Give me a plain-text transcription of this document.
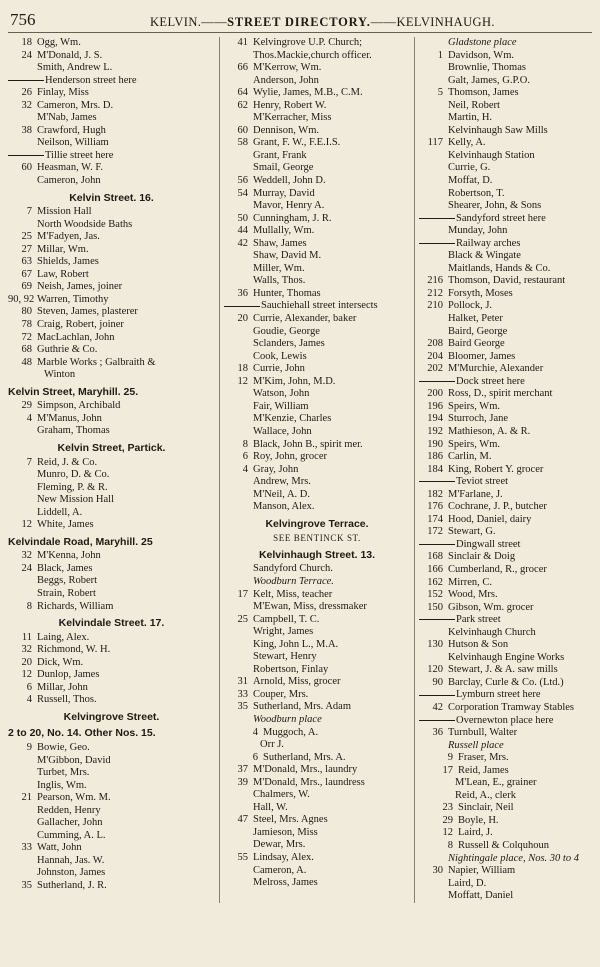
756	KELVIN.——STREET DIRECTORY.——KELVINHAUGH.
18 Ogg, Wm.
24 M'Donald, J. S.
Smith, Andrew L.
Henderson street here
26 Finlay, Miss
32 Cameron, Mrs. D.
M'Nab, James
38 Crawford, Hugh
Neilson, William
Tillie street here
60 Heasman, W. F.
Cameron, John
Kelvin Street. 16.
7 Mission Hall
North Woodside Baths
25 M'Fadyen, Jas.
27 Millar, Wm.
63 Shields, James
67 Law, Robert
69 Neish, James, joiner
90, 92 Warren, Timothy
80 Steven, James, plasterer
78 Craig, Robert, joiner
72 MacLachlan, John
68 Guthrie & Co.
48 Marble Works ; Galbraith &
Winton
Kelvin Street, Maryhill. 25.
29 Simpson, Archibald
4 M'Manus, John
Graham, Thomas
Kelvin Street, Partick.
7 Reid, J. & Co.
Munro, D. & Co.
Fleming, P. & R.
New Mission Hall
Liddell, A.
12 White, James
Kelvindale Road, Maryhill. 25
32 M'Kenna, John
24 Black, James
Beggs, Robert
Strain, Robert
8 Richards, William
Kelvindale Street. 17.
11 Laing, Alex.
32 Richmond, W. H.
20 Dick, Wm.
12 Dunlop, James
6 Millar, John
4 Russell, Thos.
Kelvingrove Street.
2 to 20, No. 14. Other Nos. 15.
9 Bowie, Geo.
M'Gibbon, David
Turbet, Mrs.
Inglis, Wm.
21 Pearson, Wm. M.
Redden, Henry
Gallacher, John
Cumming, A. L.
33 Watt, John
Hannah, Jas. W.
Johnston, James
35 Sutherland, J. R.
41 Kelvingrove U.P. Church;
Thos.Mackie,church officer.
66 M'Kerrow, Wm.
Anderson, John
64 Wylie, James, M.B., C.M.
62 Henry, Robert W.
M'Kerracher, Miss
60 Dennison, Wm.
58 Grant, F. W., F.E.I.S.
Grant, Frank
Smail, George
56 Weddell, John D.
54 Murray, David
Mavor, Henry A.
50 Cunningham, J. R.
44 Mullally, Wm.
42 Shaw, James
Shaw, David M.
Miller, Wm.
Walls, Thos.
36 Hunter, Thomas
Sauchiehall street intersects
20 Currie, Alexander, baker
Goudie, George
Sclanders, James
Cook, Lewis
18 Currie, John
12 M'Kim, John, M.D.
Watson, John
Fair, William
M'Kenzie, Charles
Wallace, John
8 Black, John B., spirit mer.
6 Roy, John, grocer
4 Gray, John
Andrew, Mrs.
M'Neil, A. D.
Manson, Alex.
Kelvingrove Terrace.
SEE BENTINCK ST.
Kelvinhaugh Street. 13.
Sandyford Church.
Woodburn Terrace.
17 Kelt, Miss, teacher
M'Ewan, Miss, dressmaker
25 Campbell, T. C.
Wright, James
King, John L., M.A.
Stewart, Henry
Robertson, Finlay
31 Arnold, Miss, grocer
33 Couper, Mrs.
35 Sutherland, Mrs. Adam
Woodburn place
4 Muggoch, A.
Orr J.
6 Sutherland, Mrs. A.
37 M'Donald, Mrs., laundry
39 M'Donald, Mrs., laundress
Chalmers, W.
Hall, W.
47 Steel, Mrs. Agnes
Jamieson, Miss
Dewar, Mrs.
55 Lindsay, Alex.
Cameron, A.
Melross, James
Gladstone place
1 Davidson, Wm.
Brownlie, Thomas
Galt, James, G.P.O.
5 Thomson, James
Neil, Robert
Martin, H.
Kelvinhaugh Saw Mills
117 Kelly, A.
Kelvinhaugh Station
Currie, G.
Moffat, D.
Robertson, T.
Shearer, John, & Sons
Sandyford street here
Munday, John
Railway arches
Black & Wingate
Maitlands, Hands & Co.
216 Thomson, David, restaurant
212 Forsyth, Moses
210 Pollock, J.
Halket, Peter
Baird, George
208 Baird George
204 Bloomer, James
202 M'Murchie, Alexander
Dock street here
200 Ross, D., spirit merchant
196 Speirs, Wm.
194 Sturroch, Jane
192 Mathieson, A. & R.
190 Speirs, Wm.
186 Carlin, M.
184 King, Robert Y. grocer
Teviot street
182 M'Farlane, J.
176 Cochrane, J. P., butcher
174 Hood, Daniel, dairy
172 Stewart, G.
Dingwall street
168 Sinclair & Doig
166 Cumberland, R., grocer
162 Mirren, C.
152 Wood, Mrs.
150 Gibson, Wm. grocer
Park street
Kelvinhaugh Church
130 Hutson & Son
Kelvinhaugh Engine Works
120 Stewart, J. & A. saw mills
90 Barclay, Curle & Co. (Ltd.)
Lymburn street here
42 Corporation Tramway Stables
Overnewton place here
36 Turnbull, Walter
Russell place
9 Fraser, Mrs.
17 Reid, James
M'Lean, E., grainer
Reid, A., clerk
23 Sinclair, Neil
29 Boyle, H.
12 Laird, J.
8 Russell & Colquhoun
Nightingale place, Nos. 30 to 4
30 Napier, William
Laird, D.
Moffatt, Daniel
